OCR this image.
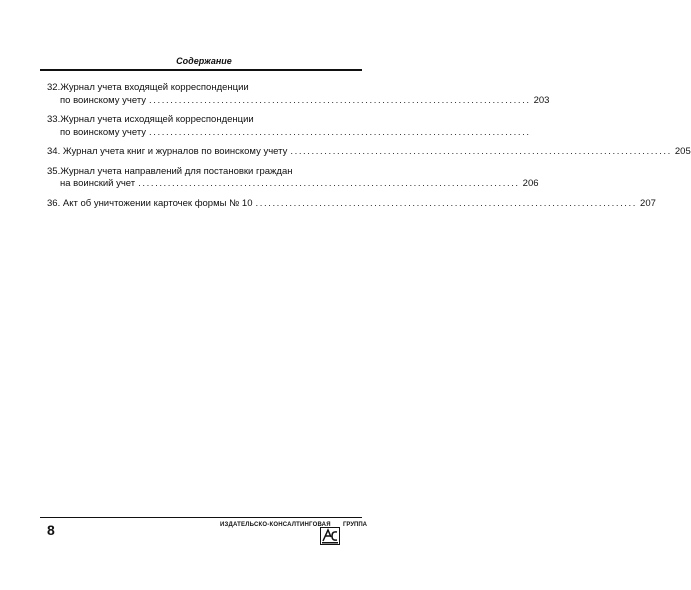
Содержание
32. Журнал учета входящей корреспонденции
по воинскому учету .......................................................................................... 203
33. Журнал учета исходящей корреспонденции
по воинскому учету ..........................................................................................
34.
Журнал учета книг и журналов по воинскому учету .......................................................................................... 205
35. Журнал учета направлений для постановки граждан
на воинский учет .......................................................................................... 206
36.
Акт об уничтожении карточек формы № 10 .......................................................................................... 207
8	ИЗДАТЕЛЬСКО-КОНСАЛТИНГОВАЯ ГРУППА
